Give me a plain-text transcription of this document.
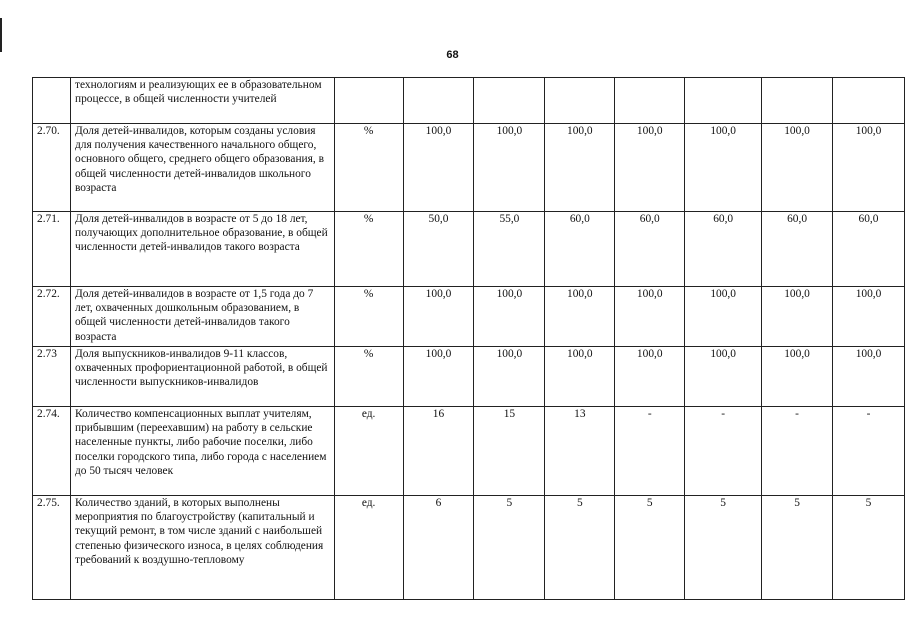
68
	технологиям и реализующих ее в образовательном процессе, в общей численности учителей								
2.70.	Доля детей-инвалидов, которым созданы условия для получения качественного начального общего, основного общего, среднего общего образования, в общей численности детей-инвалидов школьного возраста	%	100,0	100,0	100,0	100,0	100,0	100,0	100,0
2.71.	Доля детей-инвалидов в возрасте от 5 до 18 лет, получающих дополнительное образование, в общей численности детей-инвалидов такого возраста	%	50,0	55,0	60,0	60,0	60,0	60,0	60,0
2.72.	Доля детей-инвалидов в возрасте от 1,5 года до 7 лет, охваченных дошкольным образованием, в общей численности детей-инвалидов такого возраста	%	100,0	100,0	100,0	100,0	100,0	100,0	100,0
2.73	Доля выпускников-инвалидов 9-11 классов, охваченных профориентационной работой, в общей численности выпускников-инвалидов	%	100,0	100,0	100,0	100,0	100,0	100,0	100,0
2.74.	Количество компенсационных выплат учителям, прибывшим (переехавшим) на работу в сельские населенные пункты, либо рабочие поселки, либо поселки городского типа, либо города с населением до 50 тысяч человек	ед.	16	15	13	-	-	-	-
2.75.	Количество зданий, в которых выполнены мероприятия по благоустройству (капитальный и текущий ремонт, в том числе зданий с наибольшей степенью физического износа, в целях соблюдения требований к воздушно-тепловому	ед.	6	5	5	5	5	5	5
